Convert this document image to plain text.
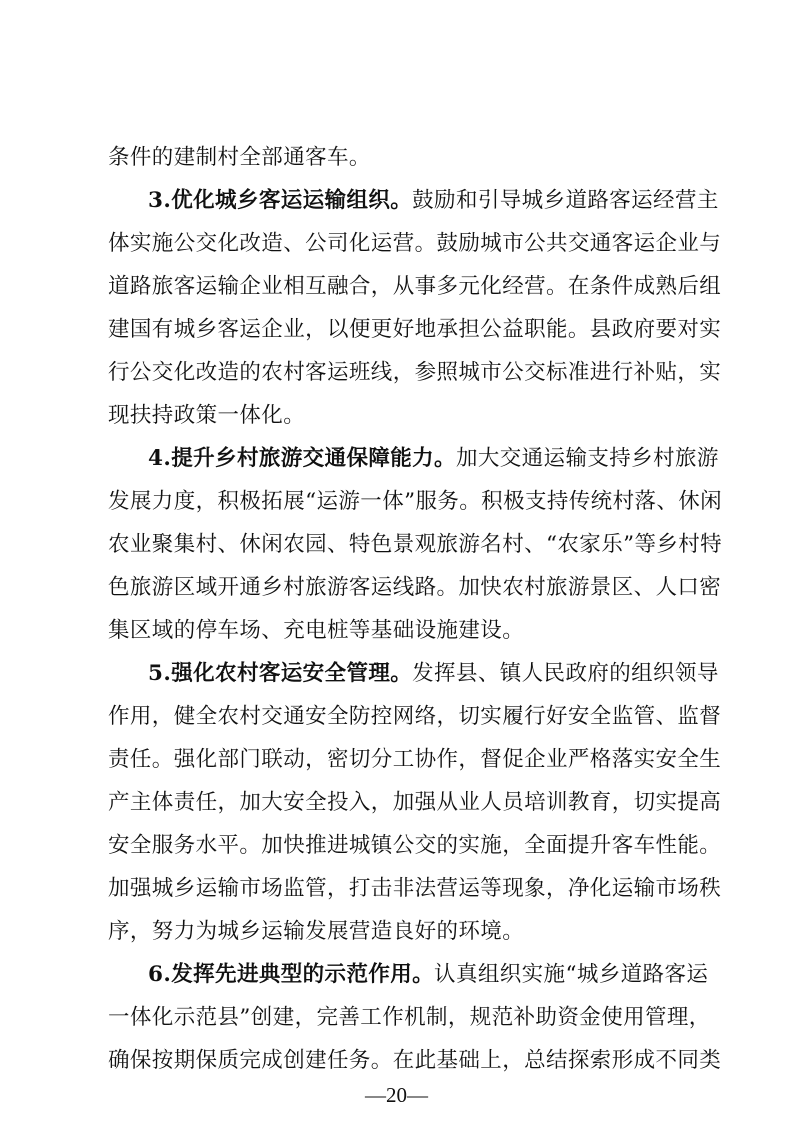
条件的建制村全部通客车。
3.优化城乡客运运输组织。鼓励和引导城乡道路客运经营主
体实施公交化改造、公司化运营。鼓励城市公共交通客运企业与
道路旅客运输企业相互融合，从事多元化经营。在条件成熟后组
建国有城乡客运企业，以便更好地承担公益职能。县政府要对实
行公交化改造的农村客运班线，参照城市公交标准进行补贴，实
现扶持政策一体化。
4.提升乡村旅游交通保障能力。加大交通运输支持乡村旅游
发展力度，积极拓展“运游一体”服务。积极支持传统村落、休闲
农业聚集村、休闲农园、特色景观旅游名村、“农家乐”等乡村特
色旅游区域开通乡村旅游客运线路。加快农村旅游景区、人口密
集区域的停车场、充电桩等基础设施建设。
5.强化农村客运安全管理。发挥县、镇人民政府的组织领导
作用，健全农村交通安全防控网络，切实履行好安全监管、监督
责任。强化部门联动，密切分工协作，督促企业严格落实安全生
产主体责任，加大安全投入，加强从业人员培训教育，切实提高
安全服务水平。加快推进城镇公交的实施，全面提升客车性能。
加强城乡运输市场监管，打击非法营运等现象，净化运输市场秩
序，努力为城乡运输发展营造良好的环境。
6.发挥先进典型的示范作用。认真组织实施“城乡道路客运
一体化示范县”创建，完善工作机制，规范补助资金使用管理，
确保按期保质完成创建任务。在此基础上，总结探索形成不同类
—20—
